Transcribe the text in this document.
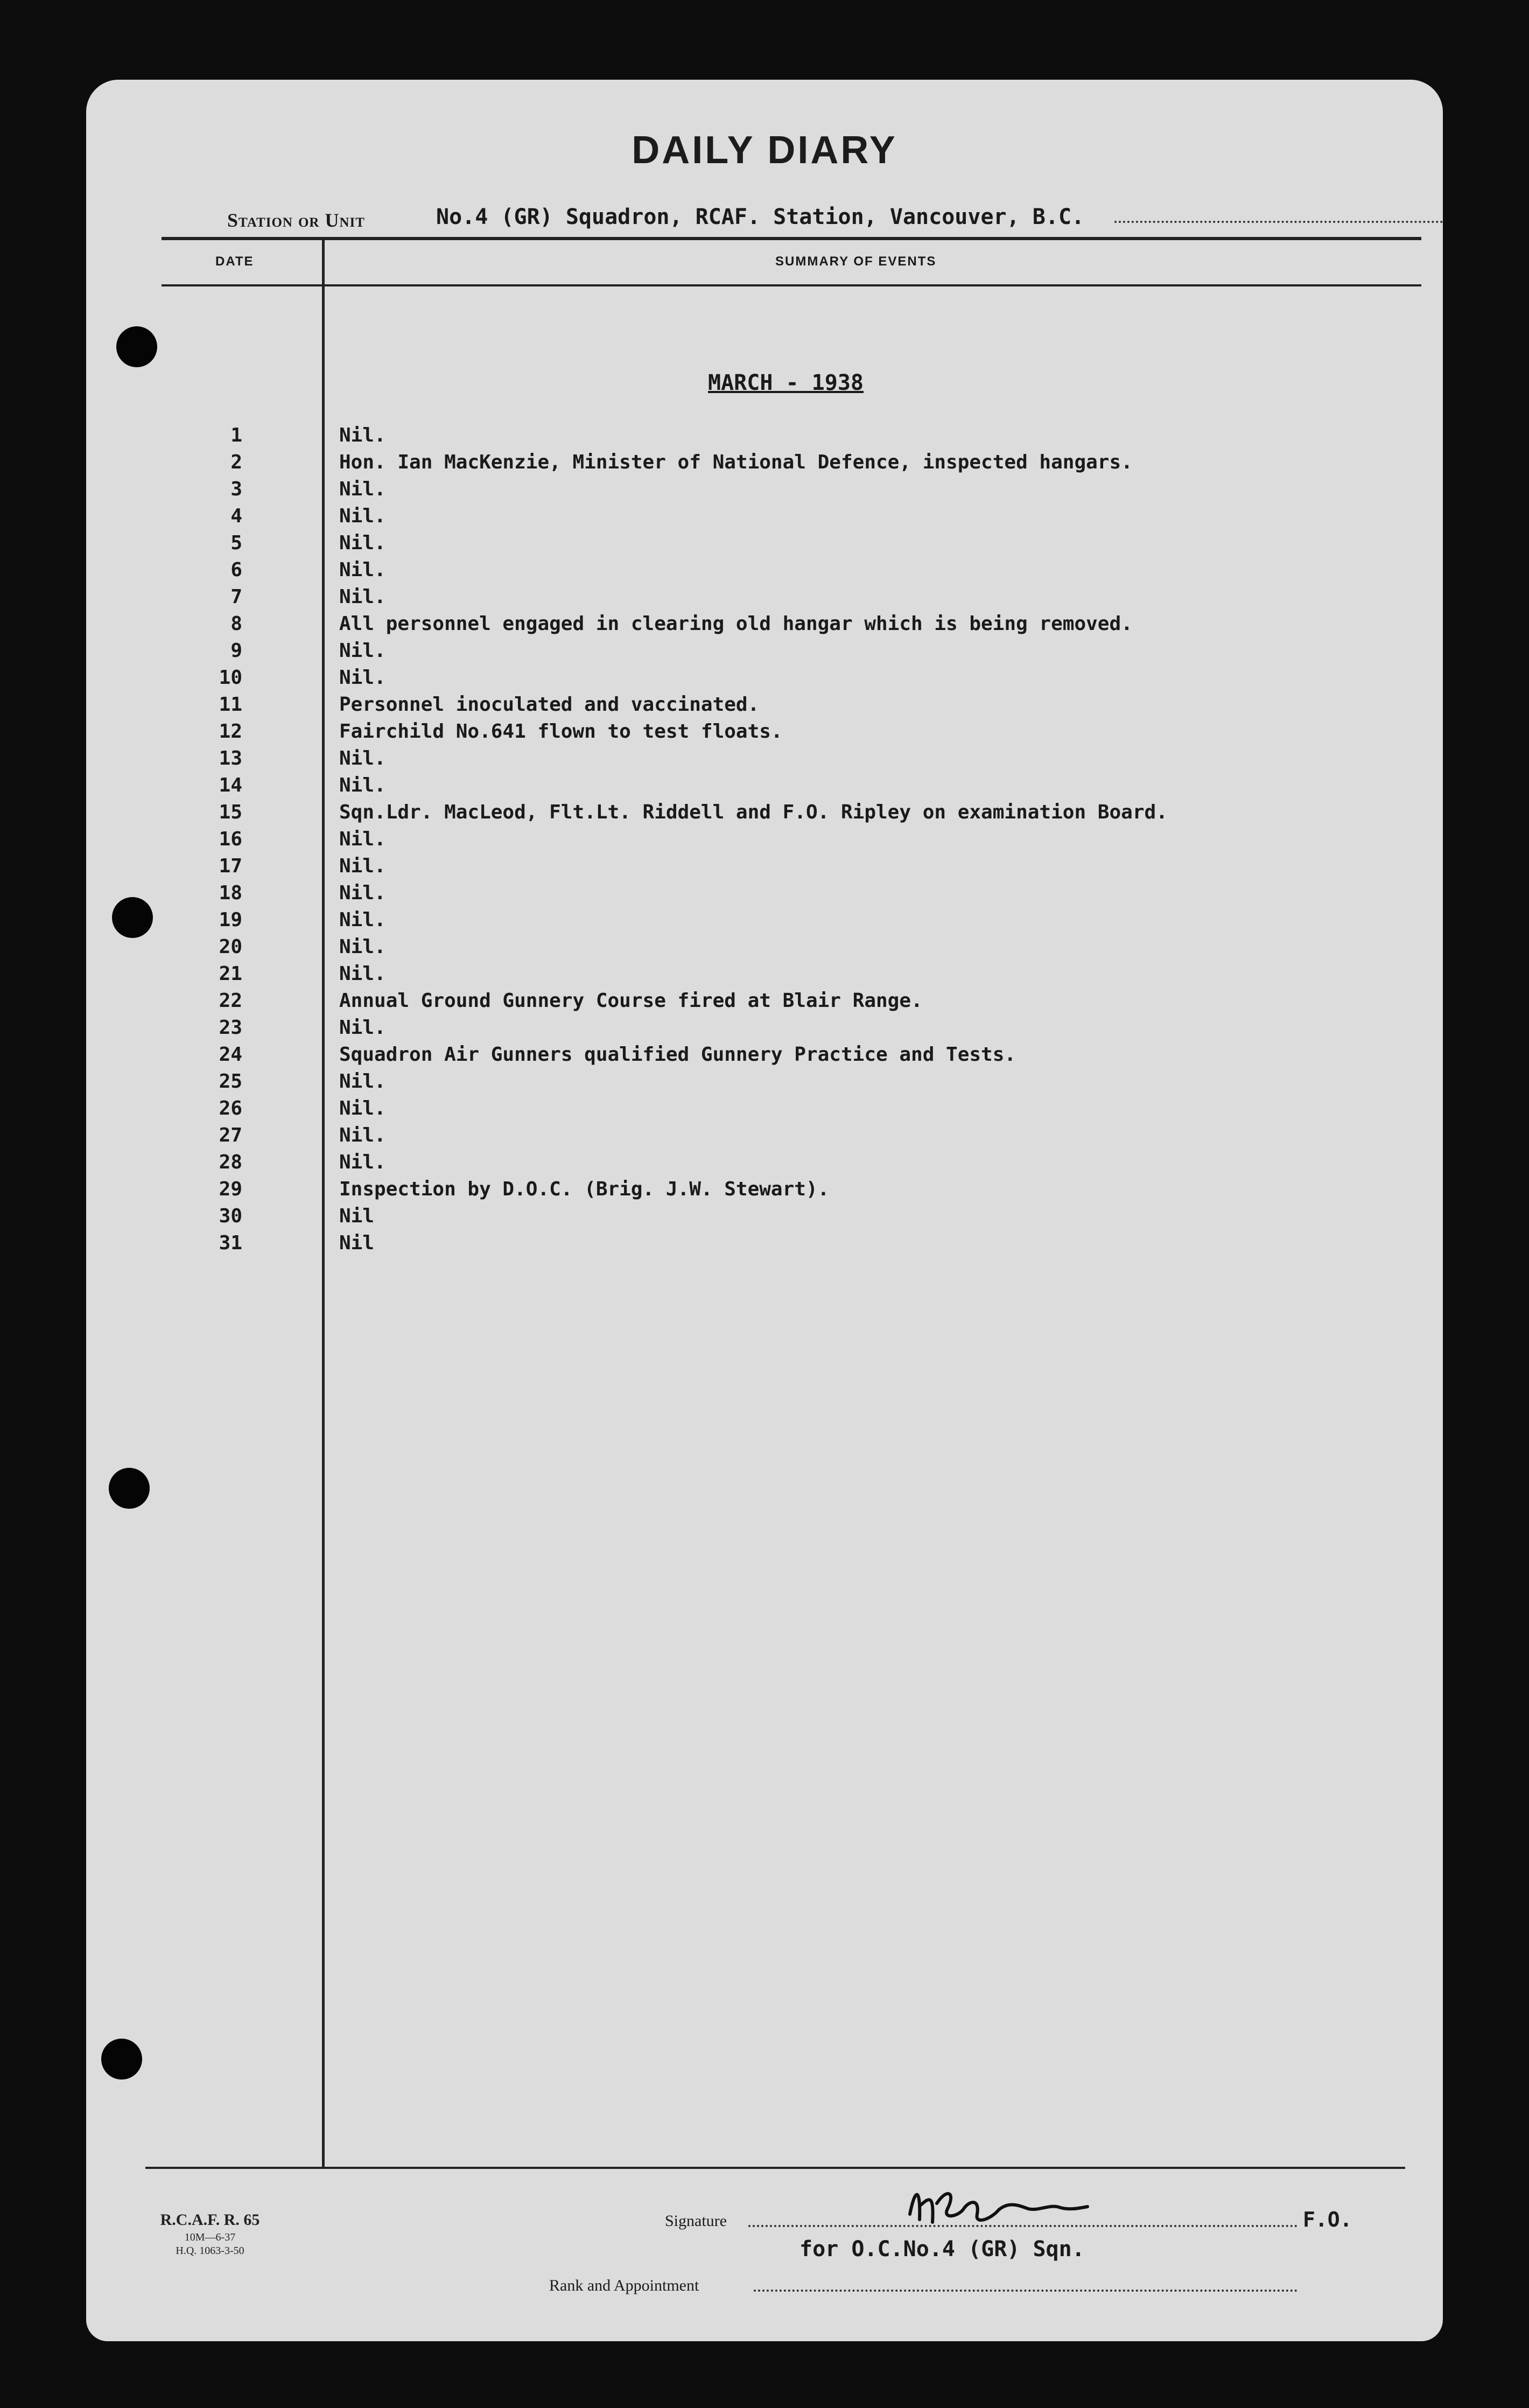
DAILY DIARY
Station or Unit	No.4 (GR) Squadron, RCAF. Station, Vancouver, B.C.
DATE	SUMMARY OF EVENTS
MARCH - 1938
1	Nil.
2	Hon. Ian MacKenzie, Minister of National Defence, inspected hangars.
3	Nil.
4	Nil.
5	Nil.
6	Nil.
7	Nil.
8	All personnel engaged in clearing old hangar which is being removed.
9	Nil.
10	Nil.
11	Personnel inoculated and vaccinated.
12	Fairchild No.641 flown to test floats.
13	Nil.
14	Nil.
15	Sqn.Ldr. MacLeod, Flt.Lt. Riddell and F.O. Ripley on examination Board.
16	Nil.
17	Nil.
18	Nil.
19	Nil.
20	Nil.
21	Nil.
22	Annual Ground Gunnery Course fired at Blair Range.
23	Nil.
24	Squadron Air Gunners qualified Gunnery Practice and Tests.
25	Nil.
26	Nil.
27	Nil.
28	Nil.
29	Inspection by D.O.C. (Brig. J.W. Stewart).
30	Nil
31	Nil
R.C.A.F. R. 65
10M—6-37
H.Q. 1063-3-50
Signature	F.O.
for O.C.No.4 (GR) Sqn.
Rank and Appointment
